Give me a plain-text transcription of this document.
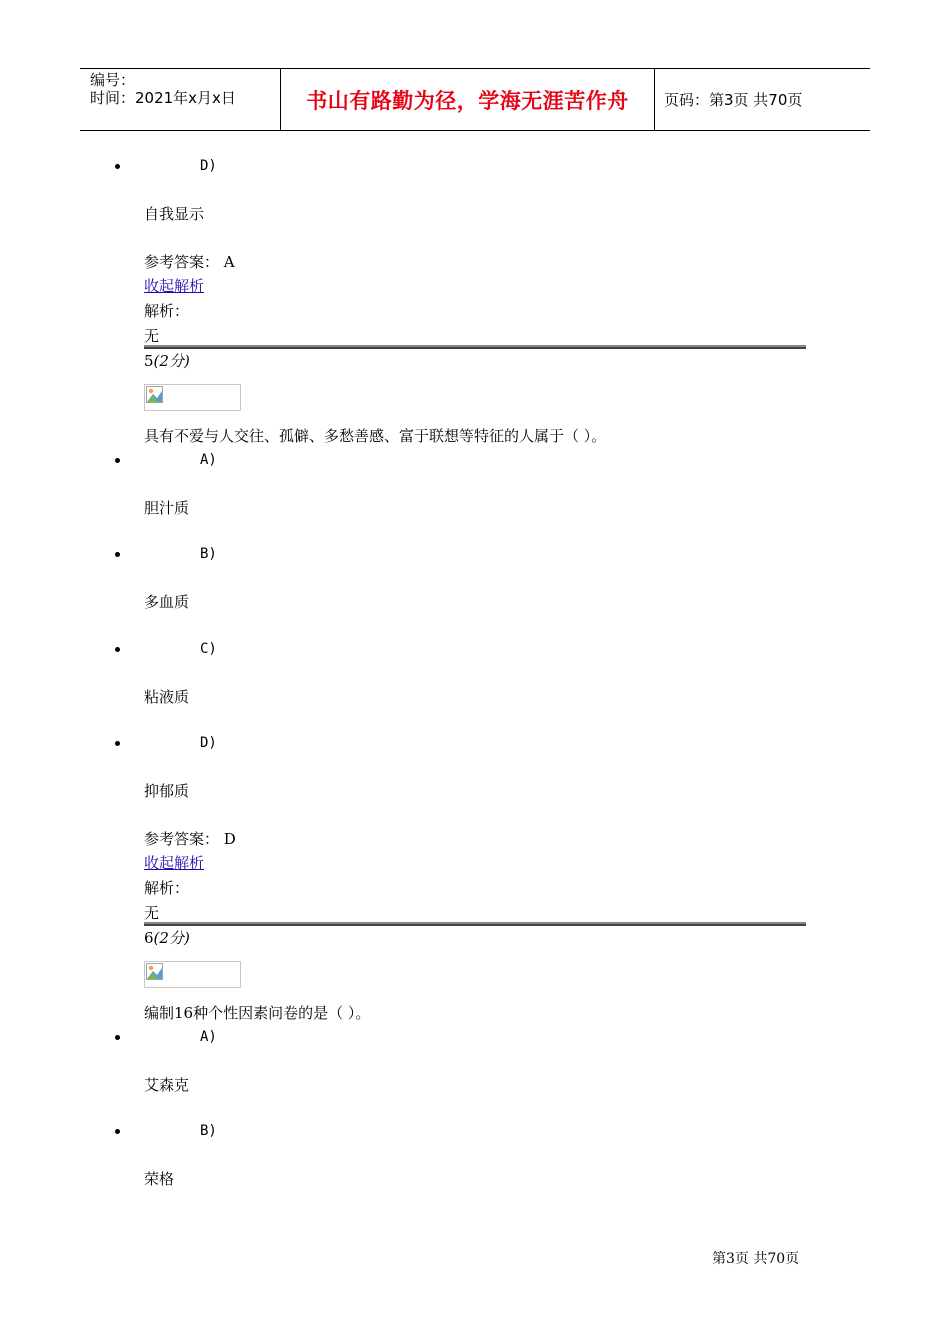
编号：
时间：2021年x月x日	书山有路勤为径，学海无涯苦作舟 页码：第3页 共70页
D)
自我显示
参考答案： A
收起解析
解析：
无
5(2分)
具有不爱与人交往、孤僻、多愁善感、富于联想等特征的人属于（ ）。
A)
胆汁质
B)
多血质
C)
粘液质
D)
抑郁质
参考答案： D
收起解析
解析：
无
6(2分)
编制16种个性因素问卷的是（ ）。
A)
艾森克
B)
荣格
第3页 共70页
